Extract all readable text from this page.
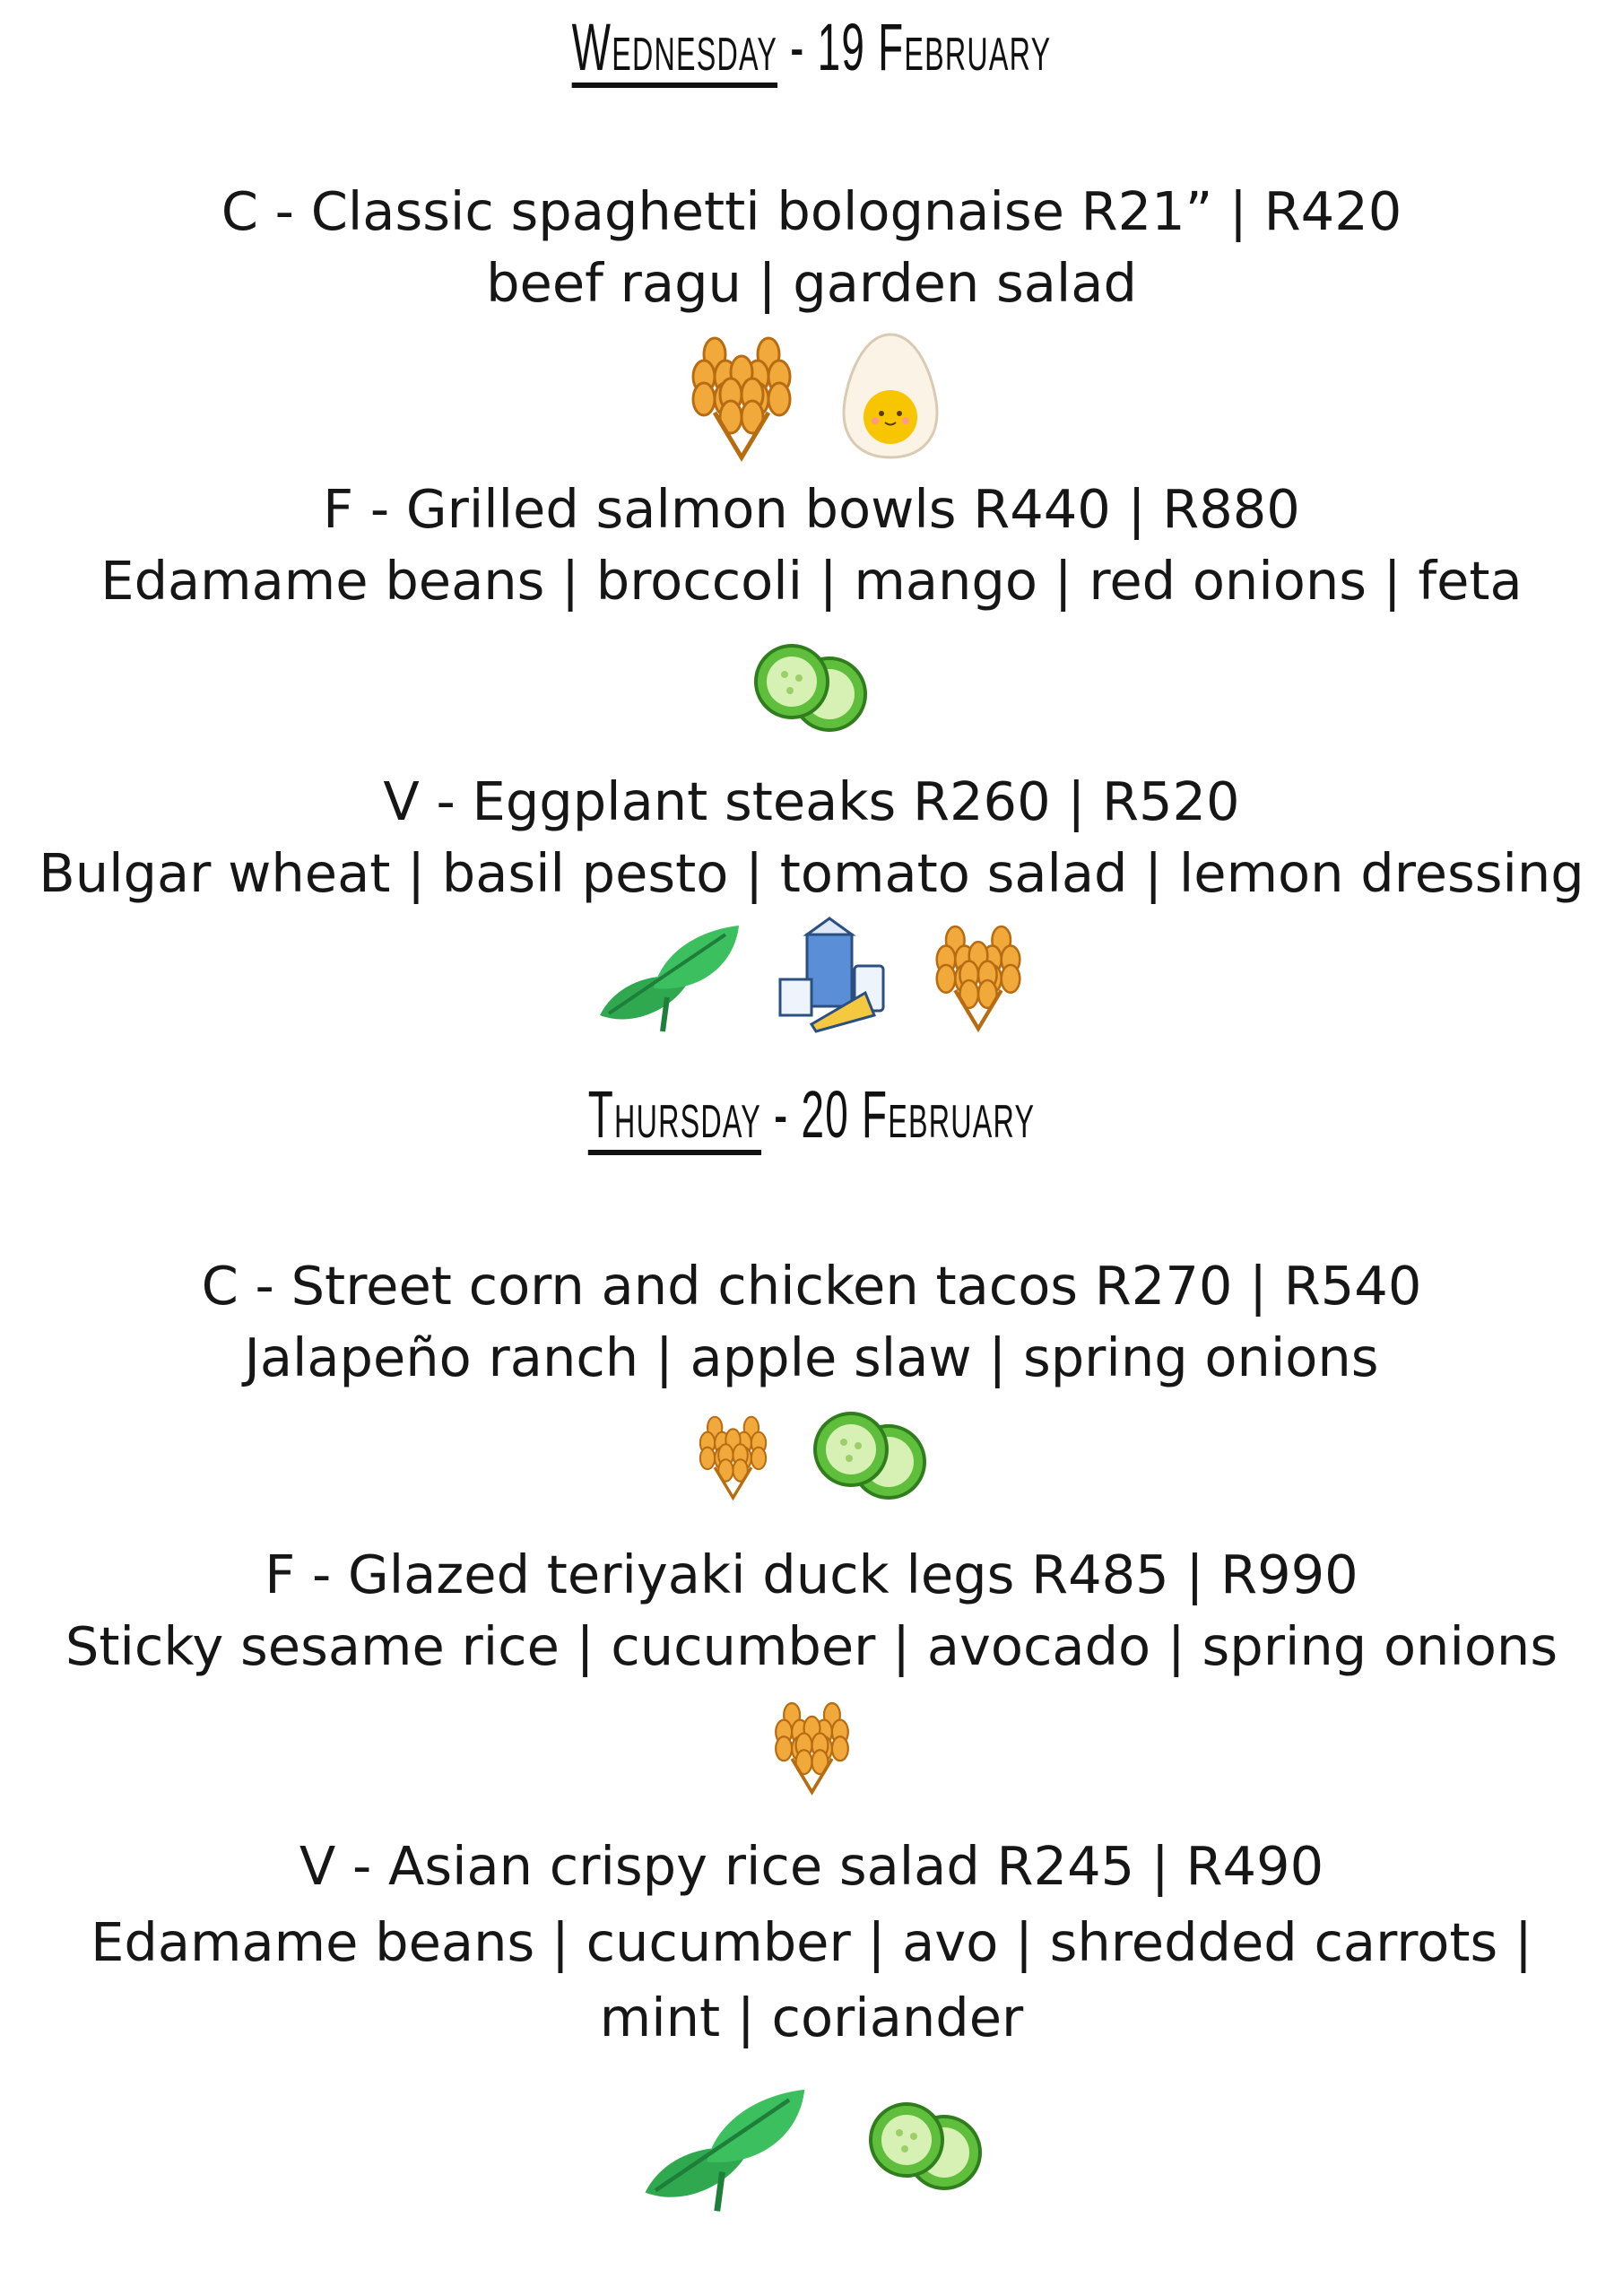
Wednesday - 19 February
C - Classic spaghetti bolognaise R21” | R420
beef ragu | garden salad
F - Grilled salmon bowls R440 | R880
Edamame beans | broccoli | mango | red onions | feta
V - Eggplant steaks R260 | R520
Bulgar wheat | basil pesto | tomato salad | lemon dressing
Thursday - 20 February
C - Street corn and chicken tacos R270 | R540
Jalapeño ranch | apple slaw | spring onions
F - Glazed teriyaki duck legs R485 | R990
Sticky sesame rice | cucumber | avocado | spring onions
V - Asian crispy rice salad R245 | R490
Edamame beans | cucumber | avo | shredded carrots |
mint | coriander
